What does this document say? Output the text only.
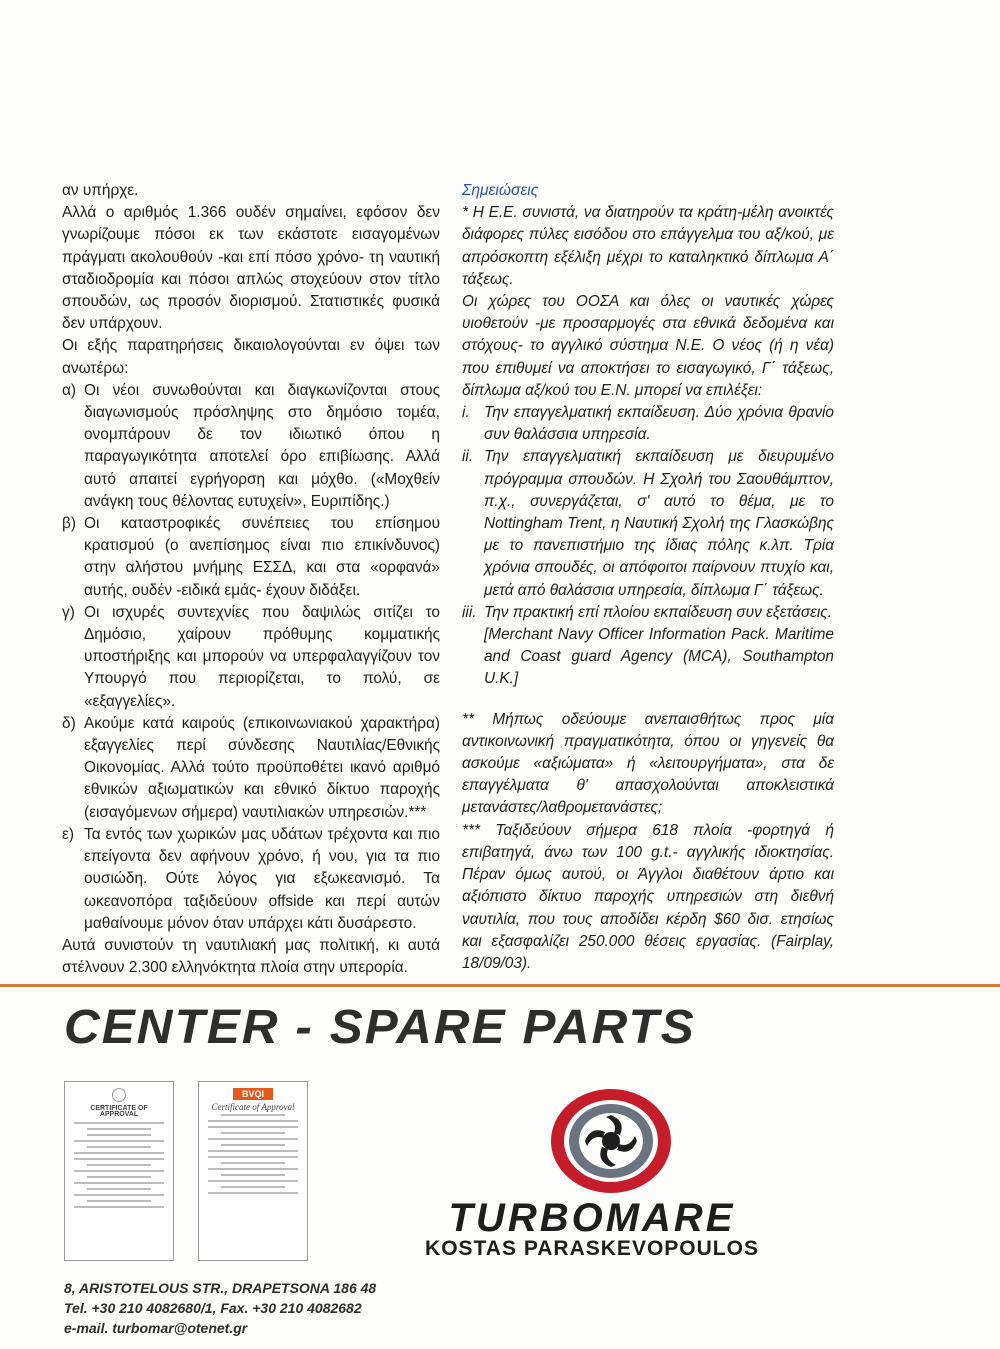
αν υπήρχε.

Αλλά ο αριθμός 1.366 ουδέν σημαίνει, εφόσον δεν γνωρίζουμε πόσοι εκ των εκάστοτε εισαγομένων πράγματι ακολουθούν -και επί πόσο χρόνο- τη ναυτική σταδιοδρομία και πόσοι απλώς στοχεύουν στον τίτλο σπουδών, ως προσόν διορισμού. Στατιστικές φυσικά δεν υπάρχουν.

Οι εξής παρατηρήσεις δικαιολογούνται εν όψει των ανωτέρω:

α) Οι νέοι συνωθούνται και διαγκωνίζονται στους διαγωνισμούς πρόσληψης στο δημόσιο τομέα, ονομπάρουν δε τον ιδιωτικό όπου η παραγωγικότητα αποτελεί όρο επιβίωσης. Αλλά αυτό απαιτεί εγρήγορση και μόχθο. («Μοχθείν ανάγκη τους θέλοντας ευτυχείν», Ευριπίδης.)
β) Οι καταστροφικές συνέπειες του επίσημου κρατισμού (ο ανεπίσημος είναι πιο επικίνδυνος) στην αλήστου μνήμης ΕΣΣΔ, και στα «ορφανά» αυτής, ουδέν -ειδικά εμάς- έχουν διδάξει.
γ) Οι ισχυρές συντεχνίες που δαψιλώς σιτίζει το Δημόσιο, χαίρουν πρόθυμης κομματικής υποστήριξης και μπορούν να υπερφαλαγγίζουν τον Υπουργό που περιορίζεται, το πολύ, σε «εξαγγελίες».
δ) Ακούμε κατά καιρούς (επικοινωνιακού χαρακτήρα) εξαγγελίες περί σύνδεσης Ναυτιλίας/Εθνικής Οικονομίας. Αλλά τούτο προϋποθέτει ικανό αριθμό εθνικών αξιωματικών και εθνικό δίκτυο παροχής (εισαγόμενων σήμερα) ναυτιλιακών υπηρεσιών.***
ε) Τα εντός των χωρικών μας υδάτων τρέχοντα και πιο επείγοντα δεν αφήνουν χρόνο, ή νου, για τα πιο ουσιώδη. Ούτε λόγος για εξωκεανισμό. Τα ωκεανοπόρα ταξιδεύουν offside και περί αυτών μαθαίνουμε μόνον όταν υπάρχει κάτι δυσάρεστο.

Αυτά συνιστούν τη ναυτιλιακή μας πολιτική, κι αυτά στέλνουν 2.300 ελληνόκτητα πλοία στην υπερορία.

Σημειώσεις

* Η Ε.Ε. συνιστά, να διατηρούν τα κράτη-μέλη ανοικτές διάφορες πύλες εισόδου στο επάγγελμα του αξ/κού, με απρόσκοπτη εξέλιξη μέχρι το καταληκτικό δίπλωμα Α΄ τάξεως.

Οι χώρες του ΟΟΣΑ και όλες οι ναυτικές χώρες υιοθετούν -με προσαρμογές στα εθνικά δεδομένα και στόχους- το αγγλικό σύστημα Ν.Ε. Ο νέος (ή η νέα) που επιθυμεί να αποκτήσει το εισαγωγικό, Γ΄ τάξεως, δίπλωμα αξ/κού του Ε.Ν. μπορεί να επιλέξει:

i. Την επαγγελματική εκπαίδευση. Δύο χρόνια θρανίο συν θαλάσσια υπηρεσία.
ii. Την επαγγελματική εκπαίδευση με διευρυμένο πρόγραμμα σπουδών. Η Σχολή του Σαουθάμπτον, π.χ., συνεργάζεται, σ' αυτό το θέμα, με το Nottingham Trent, η Ναυτική Σχολή της Γλασκώβης με το πανεπιστήμιο της ίδιας πόλης κ.λπ. Τρία χρόνια σπουδές, οι απόφοιτοι παίρνουν πτυχίο και, μετά από θαλάσσια υπηρεσία, δίπλωμα Γ΄ τάξεως.
iii. Την πρακτική επί πλοίου εκπαίδευση συν εξετάσεις.

[Merchant Navy Officer Information Pack. Maritime and Coast guard Agency (MCA), Southampton U.K.]

** Μήπως οδεύουμε ανεπαισθήτως προς μία αντικοινωνική πραγματικότητα, όπου οι γηγενείς θα ασκούμε «αξιώματα» ή «λειτουργήματα», στα δε επαγγέλματα θ' απασχολούνται αποκλειστικά μετανάστες/λαθρομετανάστες;

*** Ταξιδεύουν σήμερα 618 πλοία -φορτηγά ή επιβατηγά, άνω των 100 g.t.- αγγλικής ιδιοκτησίας. Πέραν όμως αυτού, οι Άγγλοι διαθέτουν άρτιο και αξιόπιστο δίκτυο παροχής υπηρεσιών στη διεθνή ναυτιλία, που τους αποδίδει κέρδη $60 δισ. ετησίως και εξασφαλίζει 250.000 θέσεις εργασίας. (Fairplay, 18/09/03).

CENTER - SPARE PARTS
CERTIFICATE OF APPROVAL
BVQI
Certificate of Approval
TURBOMARE
KOSTAS PARASKEVOPOULOS
8, ARISTOTELOUS STR., DRAPETSONA 186 48
Tel. +30 210 4082680/1, Fax. +30 210 4082682
e-mail. turbomar@otenet.gr
